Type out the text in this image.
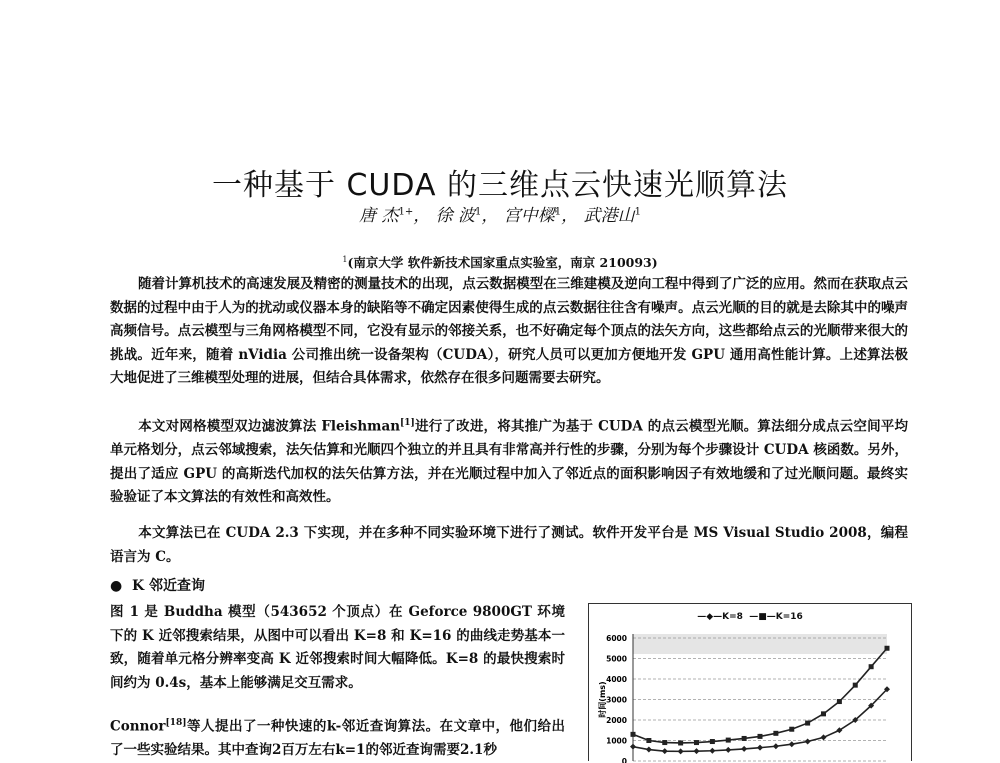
一种基于 CUDA 的三维点云快速光顺算法
唐 杰$^{1+}$， 徐 波$^1$， 宫中樑$^1$， 武港山$^1$
$^1$(南京大学 软件新技术国家重点实验室，南京 210093)

随着计算机技术的高速发展及精密的测量技术的出现，点云数据模型在三维建模及逆向工程中得到了广泛的应用。然而在获取点云数据的过程中由于人为的扰动或仪器本身的缺陷等不确定因素使得生成的点云数据往往含有噪声。点云光顺的目的就是去除其中的噪声高频信号。点云模型与三角网格模型不同，它没有显示的邻接关系，也不好确定每个顶点的法矢方向，这些都给点云的光顺带来很大的挑战。近年来，随着 nVidia 公司推出统一设备架构（CUDA），研究人员可以更加方便地开发 GPU 通用高性能计算。上述算法极大地促进了三维模型处理的进展，但结合具体需求，依然存在很多问题需要去研究。

本文对网格模型双边滤波算法 Fleishman[1]进行了改进，将其推广为基于 CUDA 的点云模型光顺。算法细分成点云空间平均单元格划分，点云邻域搜索，法矢估算和光顺四个独立的并且具有非常高并行性的步骤，分别为每个步骤设计 CUDA 核函数。另外，提出了适应 GPU 的高斯迭代加权的法矢估算方法，并在光顺过程中加入了邻近点的面积影响因子有效地缓和了过光顺问题。最终实验验证了本文算法的有效性和高效性。

本文算法已在 CUDA 2.3 下实现，并在多种不同实验环境下进行了测试。软件开发平台是 MS Visual Studio 2008，编程语言为 C。

● K 邻近查询

图 1 是 Buddha 模型（543652 个顶点）在 Geforce 9800GT 环境下的 K 近邻搜索结果，从图中可以看出 K=8 和 K=16 的曲线走势基本一致，随着单元格分辨率变高 K 近邻搜索时间大幅降低。K=8 的最快搜索时间约为 0.4s，基本上能够满足交互需求。

Connor[18]等人提出了一种快速的k-邻近查询算法。在文章中，他们给出了一些实验结果。其中查询2百万左右k=1的邻近查询需要2.1秒

—◆—K=8 —■—K=16
0
1000
2000
3000
4000
5000
6000
时间(ms)
